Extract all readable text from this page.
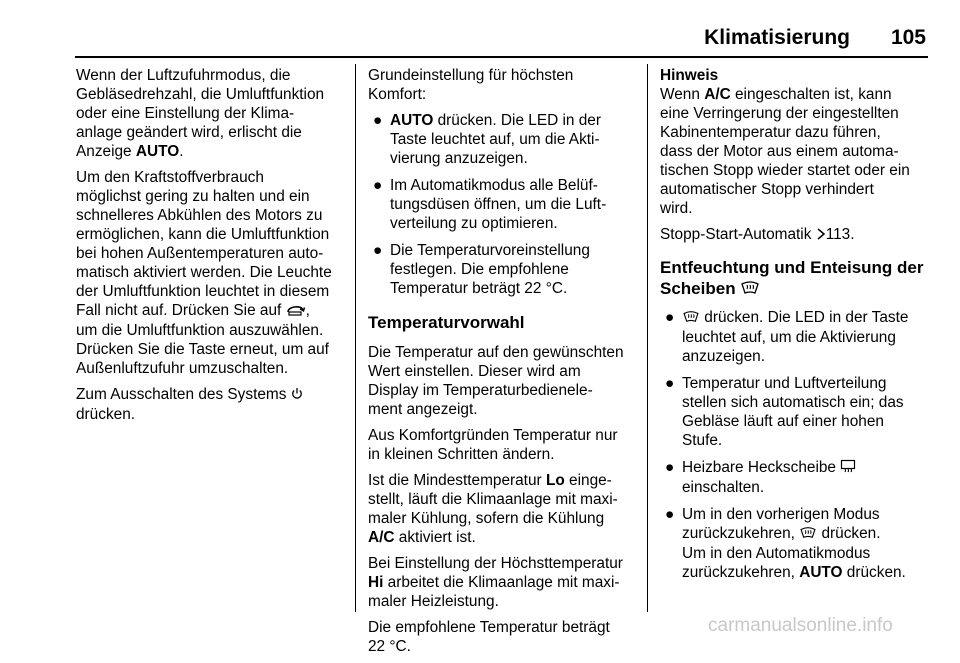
Klimatisierung 105
Wenn der Luftzufuhrmodus, die
Gebläsedrehzahl, die Umluftfunktion
oder eine Einstellung der Klima-
anlage geändert wird, erlischt die
Anzeige AUTO.
Um den Kraftstoffverbrauch
möglichst gering zu halten und ein
schnelleres Abkühlen des Motors zu
ermöglichen, kann die Umluftfunktion
bei hohen Außentemperaturen auto-
matisch aktiviert werden. Die Leuchte
der Umluftfunktion leuchtet in diesem
Fall nicht auf. Drücken Sie auf ,
um die Umluftfunktion auszuwählen.
Drücken Sie die Taste erneut, um auf
Außenluftzufuhr umzuschalten.
Zum Ausschalten des Systems
drücken.
Grundeinstellung für höchsten
Komfort:
● AUTO drücken. Die LED in der
Taste leuchtet auf, um die Akti-
vierung anzuzeigen.
● Im Automatikmodus alle Belüf-
tungsdüsen öffnen, um die Luft-
verteilung zu optimieren.
● Die Temperaturvoreinstellung
festlegen. Die empfohlene
Temperatur beträgt 22 °C.
Temperaturvorwahl
Die Temperatur auf den gewünschten
Wert einstellen. Dieser wird am
Display im Temperaturbedienele-
ment angezeigt.
Aus Komfortgründen Temperatur nur
in kleinen Schritten ändern.
Ist die Mindesttemperatur Lo einge-
stellt, läuft die Klimaanlage mit maxi-
maler Kühlung, sofern die Kühlung
A/C aktiviert ist.
Bei Einstellung der Höchsttemperatur
Hi arbeitet die Klimaanlage mit maxi-
maler Heizleistung.
Die empfohlene Temperatur beträgt
22 °C.
Hinweis
Wenn A/C eingeschalten ist, kann
eine Verringerung der eingestellten
Kabinentemperatur dazu führen,
dass der Motor aus einem automa-
tischen Stopp wieder startet oder ein
automatischer Stopp verhindert
wird.
Stopp-Start-Automatik 113.
Entfeuchtung und Enteisung der
Scheiben
●	drücken. Die LED in der Taste
leuchtet auf, um die Aktivierung
anzuzeigen.
● Temperatur und Luftverteilung
stellen sich automatisch ein; das
Gebläse läuft auf einer hohen
Stufe.
● Heizbare Heckscheibe
einschalten.
● Um in den vorherigen Modus
zurückzukehren,  drücken.
Um in den Automatikmodus
zurückzukehren, AUTO drücken.
carmanualsonline.info
